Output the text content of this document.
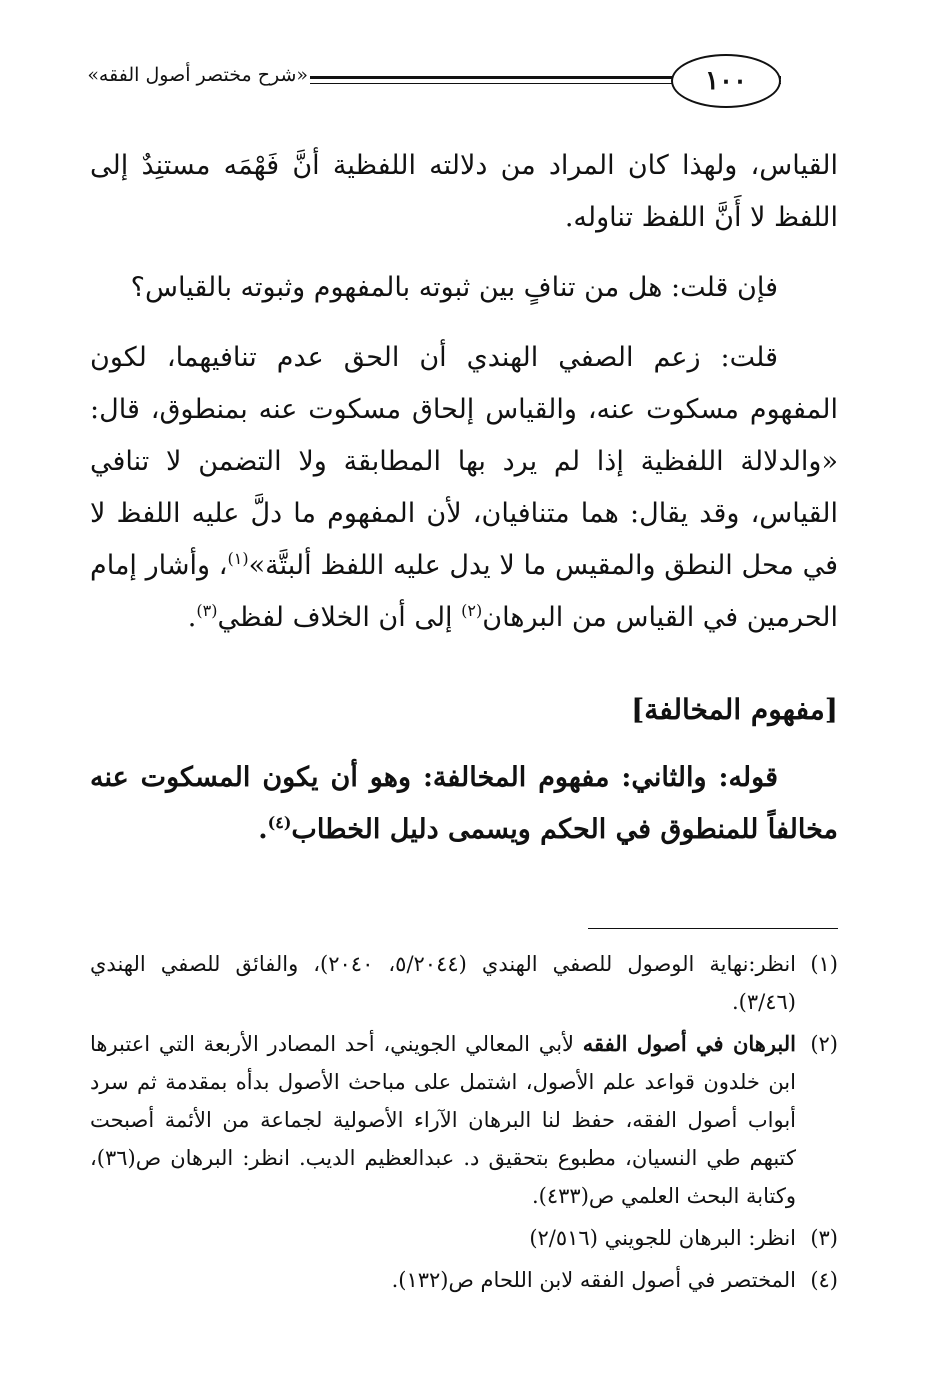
١٠٠
«شرح مختصر أصول الفقه»

القياس، ولهذا كان المراد من دلالته اللفظية أنَّ فَهْمَه مستنِدٌ إلى اللفظ لا أَنَّ اللفظ تناوله.

فإن قلت: هل من تنافٍ بين ثبوته بالمفهوم وثبوته بالقياس؟

قلت: زعم الصفي الهندي أن الحق عدم تنافيهما، لكون المفهوم مسكوت عنه، والقياس إلحاق مسكوت عنه بمنطوق، قال: «والدلالة اللفظية إذا لم يرد بها المطابقة ولا التضمن لا تنافي القياس، وقد يقال: هما متنافيان، لأن المفهوم ما دلَّ عليه اللفظ لا في محل النطق والمقيس ما لا يدل عليه اللفظ ألبتَّة»$^{(١)}$، وأشار إمام الحرمين في القياس من البرهان$^{(٢)}$ إلى أن الخلاف لفظي$^{(٣)}$.

[مفهوم المخالفة]

قوله: والثاني: مفهوم المخالفة: وهو أن يكون المسكوت عنه مخالفاً للمنطوق في الحكم ويسمى دليل الخطاب$^{(٤)}$.

(١)
انظر:نهاية الوصول للصفي الهندي (٥/٢٠٤٤، ٢٠٤٠)، والفائق للصفي الهندي (٣/٤٦).
(٢)
البرهان في أصول الفقه لأبي المعالي الجويني، أحد المصادر الأربعة التي اعتبرها ابن خلدون قواعد علم الأصول، اشتمل على مباحث الأصول بدأه بمقدمة ثم سرد أبواب أصول الفقه، حفظ لنا البرهان الآراء الأصولية لجماعة من الأئمة أصبحت كتبهم طي النسيان، مطبوع بتحقيق د. عبدالعظيم الديب. انظر: البرهان ص(٣٦)، وكتابة البحث العلمي ص(٤٣٣).
(٣)
انظر: البرهان للجويني (٢/٥١٦)
(٤)
المختصر في أصول الفقه لابن اللحام ص(١٣٢).
